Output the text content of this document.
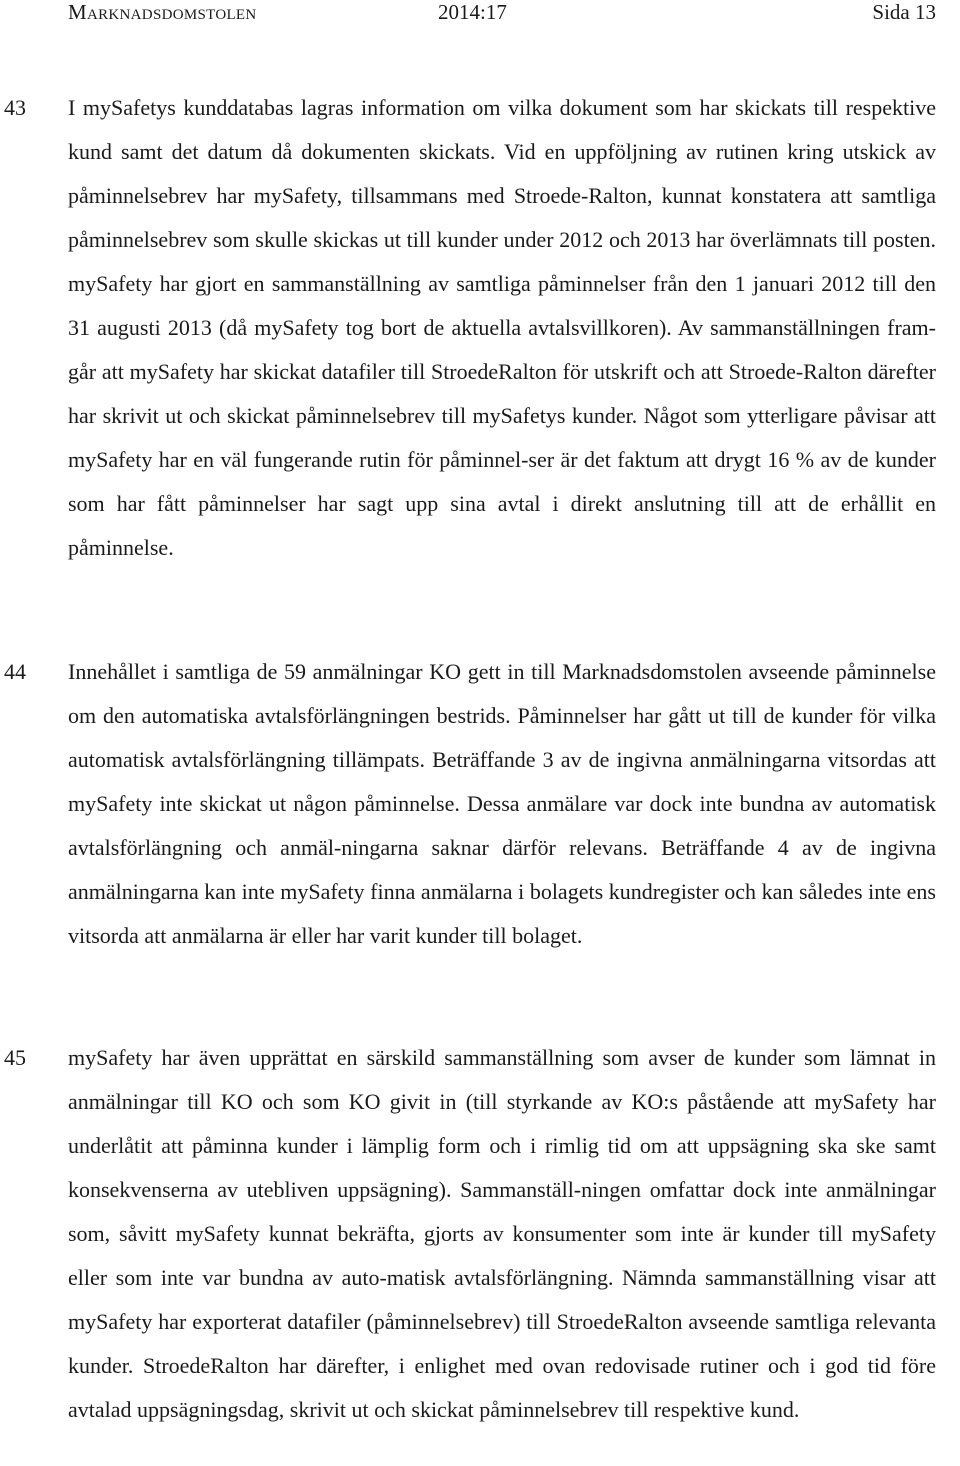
Marknadsdomstolen	2014:17	Sida 13
43 I mySafetys kunddatabas lagras information om vilka dokument som har skickats till respektive kund samt det datum då dokumenten skickats. Vid en uppföljning av rutinen kring utskick av påminnelsebrev har mySafety, tillsammans med Stroede-Ralton, kunnat konstatera att samtliga påminnelsebrev som skulle skickas ut till kunder under 2012 och 2013 har överlämnats till posten. mySafety har gjort en sammanställning av samtliga påminnelser från den 1 januari 2012 till den 31 augusti 2013 (då mySafety tog bort de aktuella avtalsvillkoren). Av sammanställningen fram-går att mySafety har skickat datafiler till StroedeRalton för utskrift och att Stroede-Ralton därefter har skrivit ut och skickat påminnelsebrev till mySafetys kunder. Något som ytterligare påvisar att mySafety har en väl fungerande rutin för påminnel-ser är det faktum att drygt 16 % av de kunder som har fått påminnelser har sagt upp sina avtal i direkt anslutning till att de erhållit en påminnelse.
44 Innehållet i samtliga de 59 anmälningar KO gett in till Marknadsdomstolen avseende påminnelse om den automatiska avtalsförlängningen bestrids. Påminnelser har gått ut till de kunder för vilka automatisk avtalsförlängning tillämpats. Beträffande 3 av de ingivna anmälningarna vitsordas att mySafety inte skickat ut någon påminnelse. Dessa anmälare var dock inte bundna av automatisk avtalsförlängning och anmäl-ningarna saknar därför relevans. Beträffande 4 av de ingivna anmälningarna kan inte mySafety finna anmälarna i bolagets kundregister och kan således inte ens vitsorda att anmälarna är eller har varit kunder till bolaget.
45 mySafety har även upprättat en särskild sammanställning som avser de kunder som lämnat in anmälningar till KO och som KO givit in (till styrkande av KO:s påstående att mySafety har underlåtit att påminna kunder i lämplig form och i rimlig tid om att uppsägning ska ske samt konsekvenserna av utebliven uppsägning). Sammanställ-ningen omfattar dock inte anmälningar som, såvitt mySafety kunnat bekräfta, gjorts av konsumenter som inte är kunder till mySafety eller som inte var bundna av auto-matisk avtalsförlängning. Nämnda sammanställning visar att mySafety har exporterat datafiler (påminnelsebrev) till StroedeRalton avseende samtliga relevanta kunder. StroedeRalton har därefter, i enlighet med ovan redovisade rutiner och i god tid före avtalad uppsägningsdag, skrivit ut och skickat påminnelsebrev till respektive kund.
